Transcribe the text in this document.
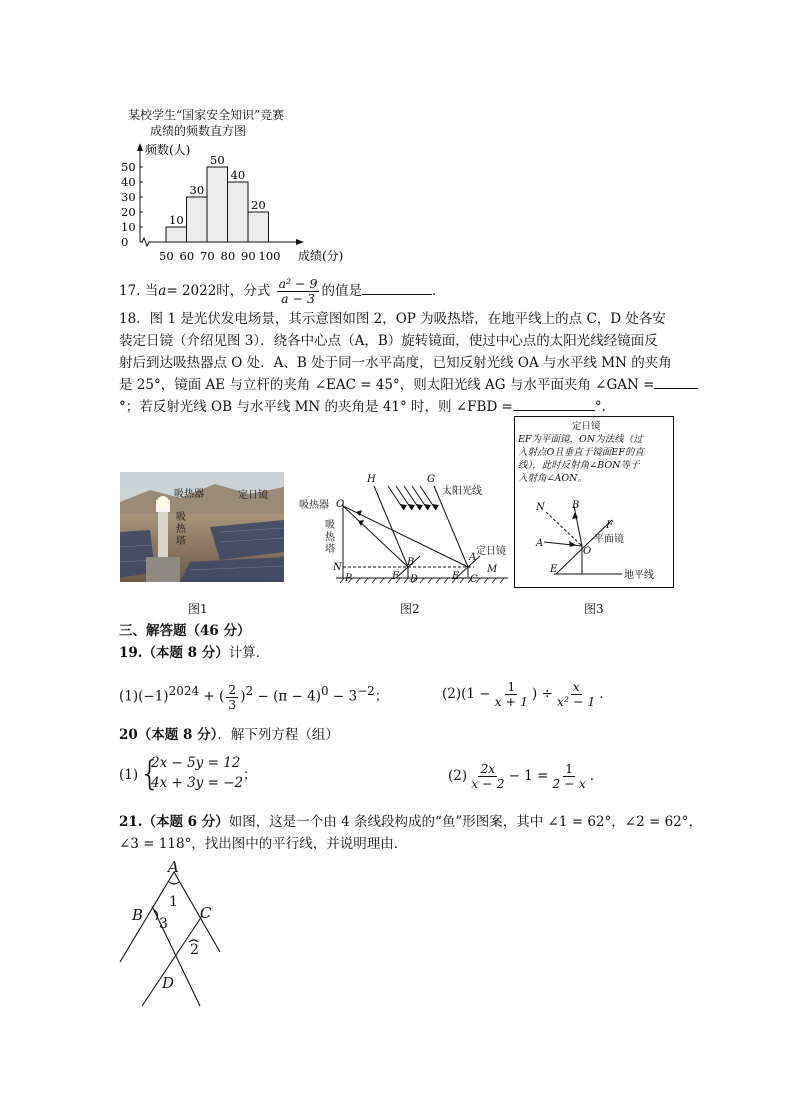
某校学生“国家安全知识”竞赛
成绩的频数直方图
频数(人)
成绩(分)
0
10
20
30
40
50
50 60 70 80 90 100
10
30
50
40
20
17. 当a= 2022时，分式 $\frac{\text{a² − 9}}{a - 3}$ 的值是	.
18．图 1 是光伏发电场景，其示意图如图 2，OP 为吸热塔，在地平线上的点 C，D 处各安
装定日镜（介绍见图 3）．绕各中心点（A，B）旋转镜面，使过中心点的太阳光线经镜面反
射后到达吸热器点 O 处．A、B 处于同一水平高度，已知反射光线 OA 与水平线 MN 的夹角
是 25°，镜面 AE 与立杆的夹角 ∠EAC = 45°，则太阳光线 AG 与水平面夹角 ∠GAN =
°；若反射光线 OB 与水平线 MN 的夹角是 41° 时，则 ∠FBD =	°．
吸热器	定日镜
吸热塔
图1
H	G
O
N
P
B
F D	E C
A
M
太阳光线
吸热器
吸热塔	定日镜
图2
定日镜
EF为平面镜，ON为法线（过
入射点O且垂直于镜面EF的直
线），此时反射角∠BON等于
入射角∠AON。
N	B
F
A
O
E
平面镜
地平线
图3
三、解答题（46 分）
19.（本题 8 分）计算．
$(1)(-1)^{2024}$ + ( $\frac{2}{3} )^2 - (\pi - 4)^0 - 3^{-2}$；	$(2)(1 - \frac{1}{x + 1}$ ) ÷ $\frac{x}{\text{x² − 1}}$ .
20（本题 8 分）．解下列方程（组）
(1) {
2x − 5y = 12
4x + 3y = −2 ；	$(2) \frac{2x}{x - 2} - 1 = \frac{1}{2 - x}$ .
21.（本题 6 分）如图，这是一个由 4 条线段构成的“鱼”形图案，其中 ∠1 = 62°，∠2 = 62°，
∠3 = 118°，找出图中的平行线，并说明理由．
A
B	C
D
1
3
2
